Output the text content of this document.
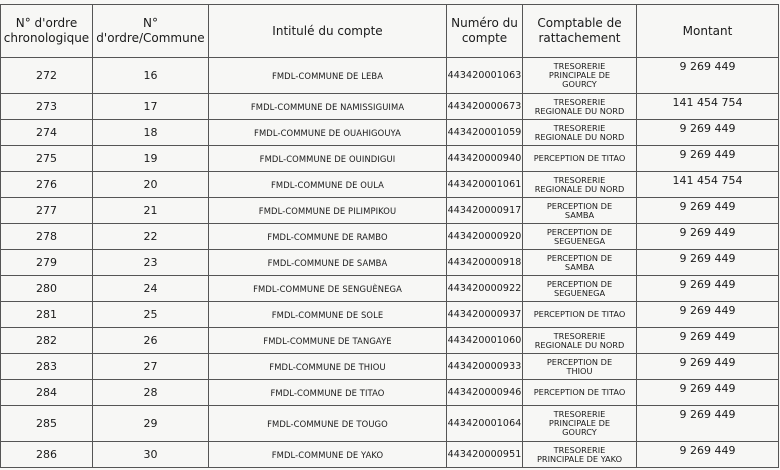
N° d'ordre
chronologique	N°
d'ordre/Commune	Intitulé du compte	Numéro du
compte	Comptable de
rattachement	Montant
272	16	FMDL-COMMUNE DE LEBA	443420001063	TRESORERIE
PRINCIPALE DE
GOURCY	9 269 449
273	17	FMDL-COMMUNE DE NAMISSIGUIMA	443420000673	TRESORERIE
REGIONALE DU NORD	141 454 754
274	18	FMDL-COMMUNE DE OUAHIGOUYA	443420001059	TRESORERIE
REGIONALE DU NORD	9 269 449
275	19	FMDL-COMMUNE DE OUINDIGUI	443420000940	PERCEPTION DE TITAO	9 269 449
276	20	FMDL-COMMUNE DE OULA	443420001061	TRESORERIE
REGIONALE DU NORD	141 454 754
277	21	FMDL-COMMUNE DE PILIMPIKOU	443420000917	PERCEPTION DE
SAMBA	9 269 449
278	22	FMDL-COMMUNE DE RAMBO	443420000920	PERCEPTION DE
SEGUENEGA	9 269 449
279	23	FMDL-COMMUNE DE SAMBA	443420000918	PERCEPTION DE
SAMBA	9 269 449
280	24	FMDL-COMMUNE DE SENGUÈNEGA	443420000922	PERCEPTION DE
SEGUENEGA	9 269 449
281	25	FMDL-COMMUNE DE SOLE	443420000937	PERCEPTION DE TITAO	9 269 449
282	26	FMDL-COMMUNE DE TANGAYE	443420001060	TRESORERIE
REGIONALE DU NORD	9 269 449
283	27	FMDL-COMMUNE DE THIOU	443420000933	PERCEPTION DE
THIOU	9 269 449
284	28	FMDL-COMMUNE DE TITAO	443420000946	PERCEPTION DE TITAO	9 269 449
285	29	FMDL-COMMUNE DE TOUGO	443420001064	TRESORERIE
PRINCIPALE DE
GOURCY	9 269 449
286	30	FMDL-COMMUNE DE YAKO	443420000951	TRESORERIE
PRINCIPALE DE YAKO	9 269 449
